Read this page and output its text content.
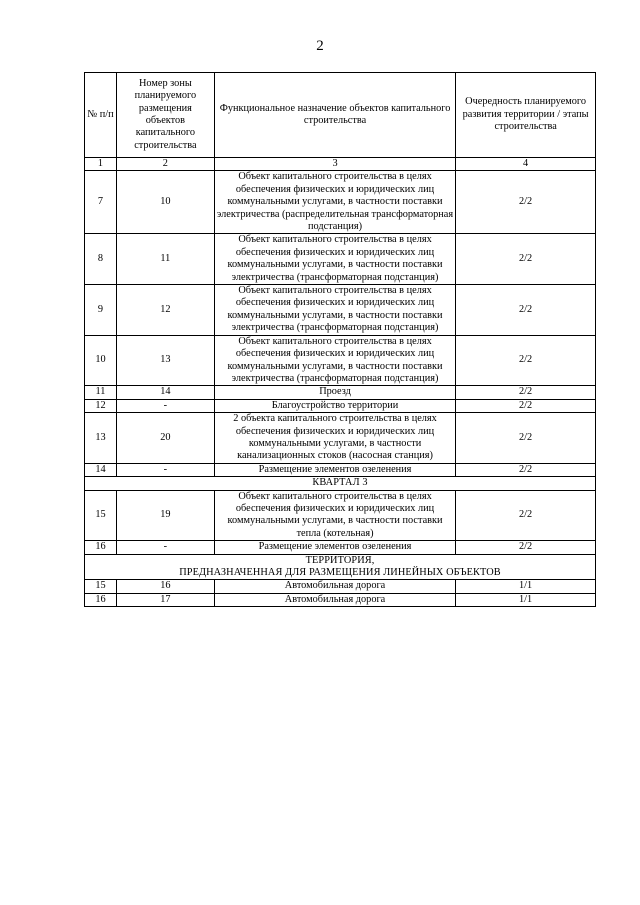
2
№ п/п	Номер зоны планируемого размещения объектов капитального строительства	Функциональное назначение объектов капитального строительства	Очередность планируемого развития территории / этапы строительства
1	2	3	4
7	10	Объект капитального строительства в целях обеспечения физических и юридических лиц коммунальными услугами, в частности поставки электричества (распределительная трансформаторная подстанция)	2/2
8	11	Объект капитального строительства в целях обеспечения физических и юридических лиц коммунальными услугами, в частности поставки электричества (трансформаторная подстанция)	2/2
9	12	Объект капитального строительства в целях обеспечения физических и юридических лиц коммунальными услугами, в частности поставки электричества (трансформаторная подстанция)	2/2
10	13	Объект капитального строительства в целях обеспечения физических и юридических лиц коммунальными услугами, в частности поставки электричества (трансформаторная подстанция)	2/2
11	14	Проезд	2/2
12	-	Благоустройство территории	2/2
13	20	2 объекта капитального строительства в целях обеспечения физических и юридических лиц коммунальными услугами, в частности канализационных стоков (насосная станция)	2/2
14	-	Размещение элементов озеленения	2/2
КВАРТАЛ 3			
15	19	Объект капитального строительства в целях обеспечения физических и юридических лиц коммунальными услугами, в частности поставки тепла (котельная)	2/2
16	-	Размещение элементов озеленения	2/2
ТЕРРИТОРИЯ,
ПРЕДНАЗНАЧЕННАЯ ДЛЯ РАЗМЕЩЕНИЯ ЛИНЕЙНЫХ ОБЪЕКТОВ			
15	16	Автомобильная дорога	1/1
16	17	Автомобильная дорога	1/1
